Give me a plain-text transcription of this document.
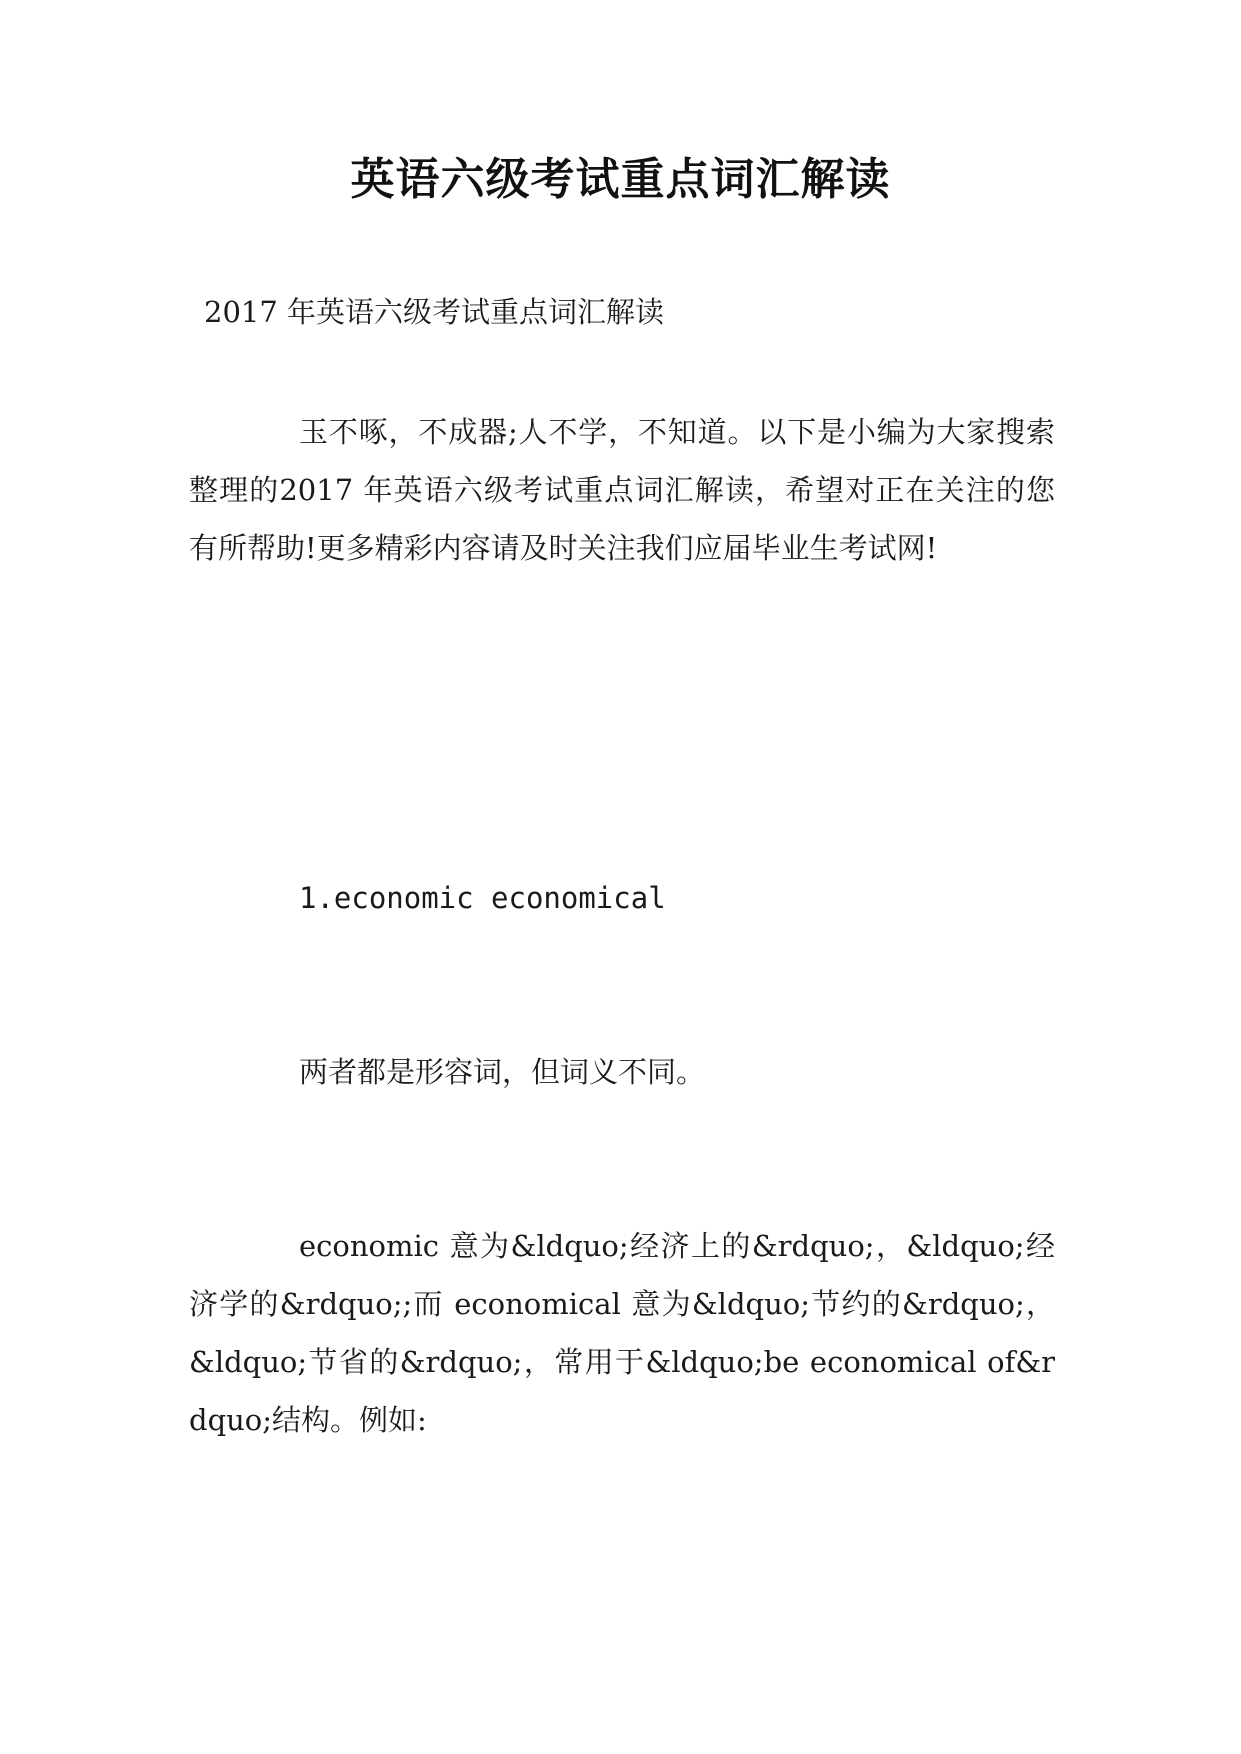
英语六级考试重点词汇解读
2017 年英语六级考试重点词汇解读
玉不啄，不成器;人不学，不知道。以下是小编为大家搜索整理的2017 年英语六级考试重点词汇解读，希望对正在关注的您有所帮助!更多精彩内容请及时关注我们应届毕业生考试网!
1.economic economical
两者都是形容词，但词义不同。
economic 意为&ldquo;经济上的&rdquo;，&ldquo;经济学的&rdquo;;而 economical 意为&ldquo;节约的&rdquo;，&ldquo;节省的&rdquo;，常用于&ldquo;be economical of&rdquo;结构。例如:
